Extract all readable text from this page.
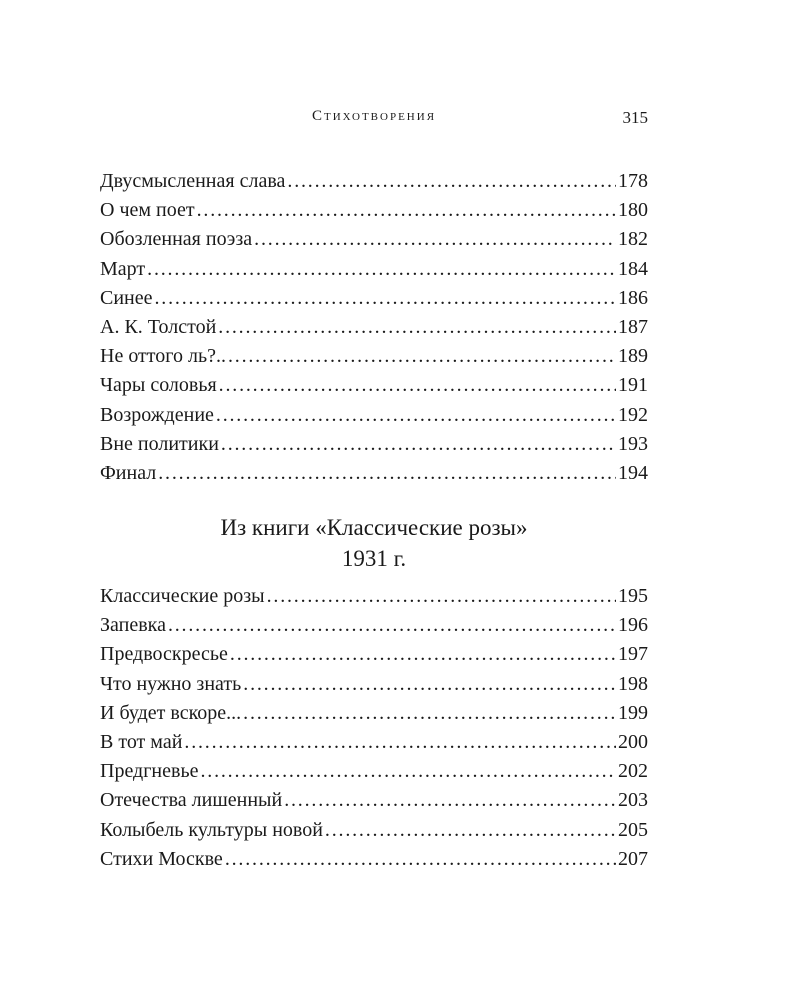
Стихотворения	315
Двусмысленная слава . . .	178
О чем поет . . .	180
Обозленная поэза . . .	182
Март . . .	184
Синее . . .	186
А. К. Толстой . . .	187
Не оттого ль?.. . . .	189
Чары соловья . . .	191
Возрождение . . .	192
Вне политики . . .	193
Финал . . .	194
Из книги «Классические розы»
1931 г.
Классические розы . . .	195
Запевка . . .	196
Предвоскресье . . .	197
Что нужно знать . . .	198
И будет вскоре... . . .	199
В тот май . . .	200
Предгневье . . .	202
Отечества лишенный . . .	203
Колыбель культуры новой . . .	205
Стихи Москве . . .	207
